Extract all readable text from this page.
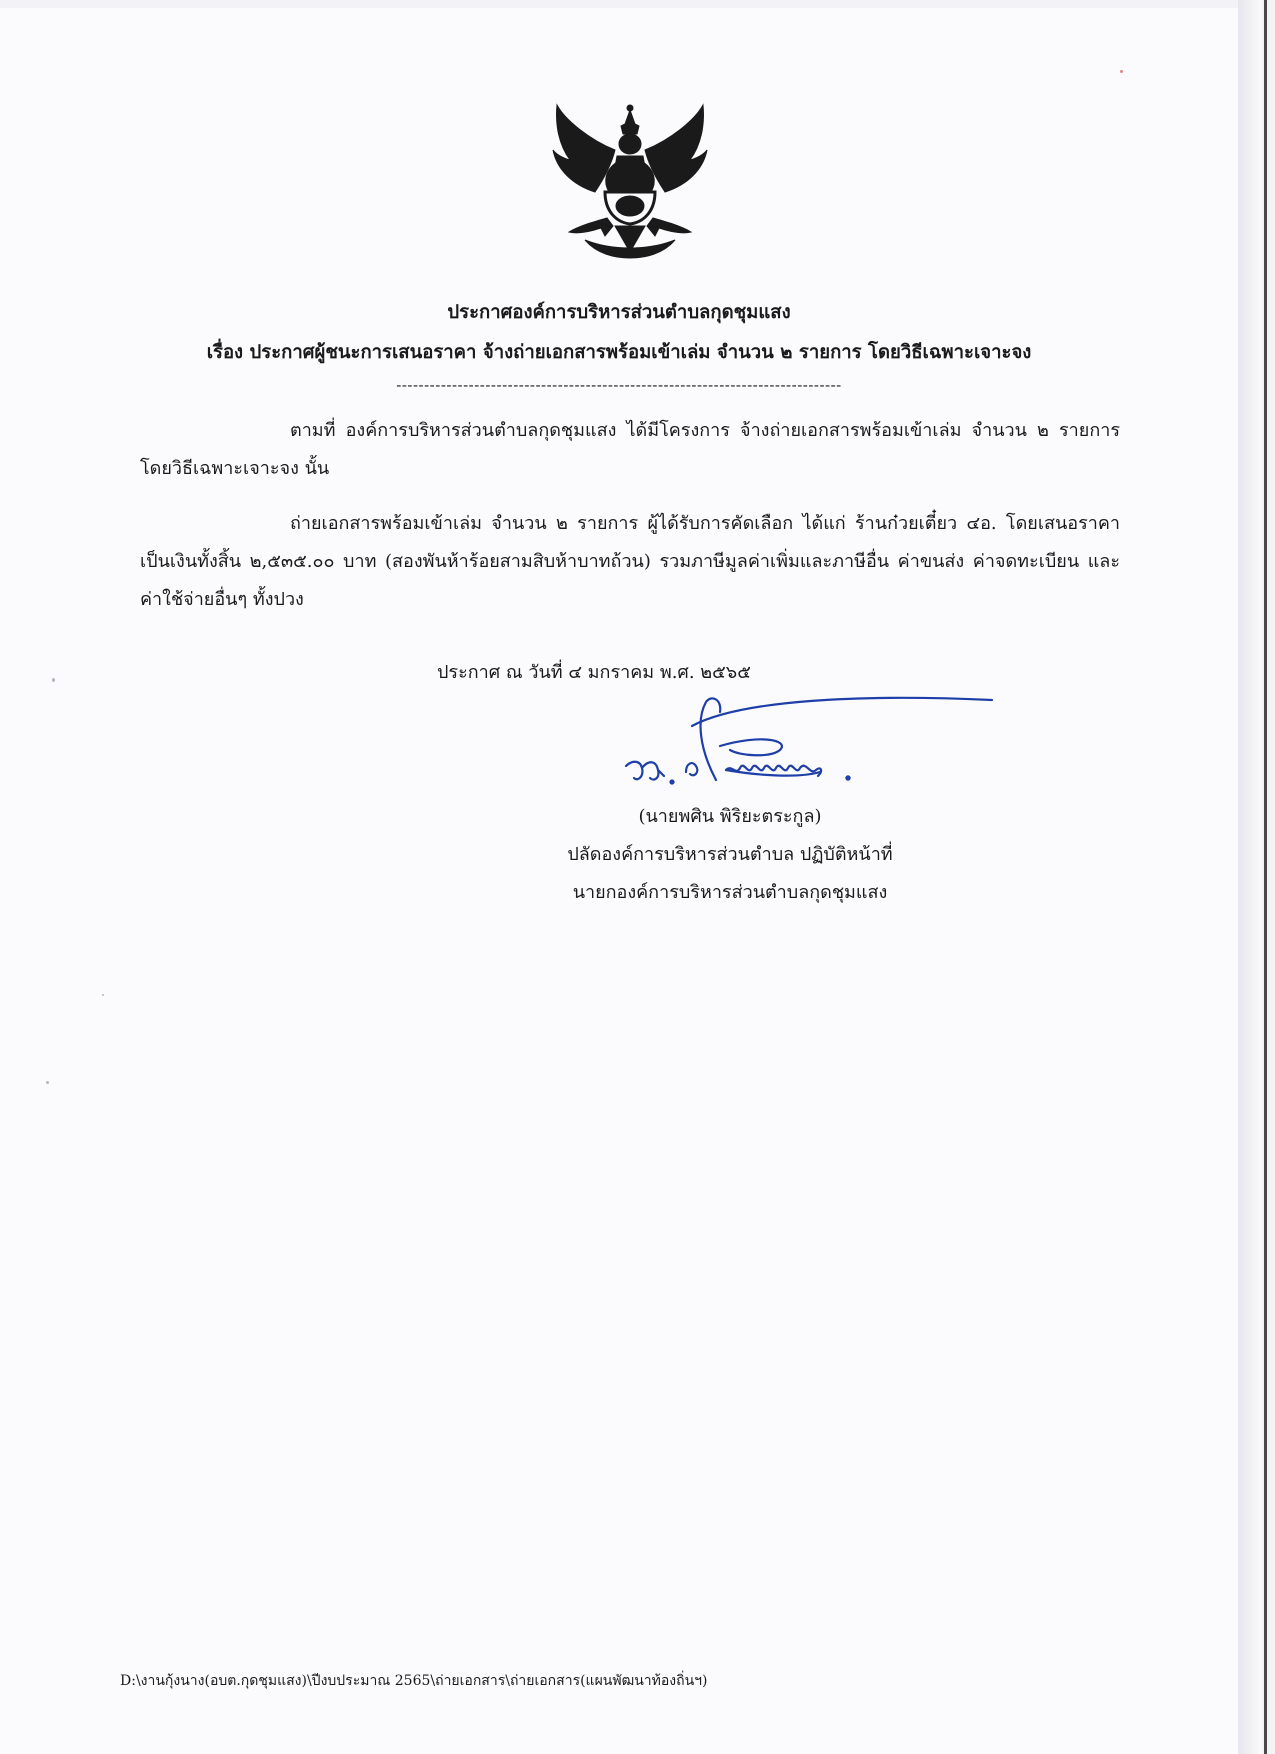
ประกาศองค์การบริหารส่วนตำบลกุดชุมแสง
เรื่อง ประกาศผู้ชนะการเสนอราคา จ้างถ่ายเอกสารพร้อมเข้าเล่ม จำนวน ๒ รายการ โดยวิธีเฉพาะเจาะจง
--------------------------------------------------------------------------------
ตามที่ องค์การบริหารส่วนตำบลกุดชุมแสง ได้มีโครงการ จ้างถ่ายเอกสารพร้อมเข้าเล่ม จำนวน ๒ รายการ โดยวิธีเฉพาะเจาะจง นั้น
ถ่ายเอกสารพร้อมเข้าเล่ม จำนวน ๒ รายการ ผู้ได้รับการคัดเลือก ได้แก่ ร้านก๋วยเตี๋ยว ๔อ. โดยเสนอราคา เป็นเงินทั้งสิ้น ๒,๕๓๕.๐๐ บาท (สองพันห้าร้อยสามสิบห้าบาทถ้วน) รวมภาษีมูลค่าเพิ่มและภาษีอื่น ค่าขนส่ง ค่าจดทะเบียน และค่าใช้จ่ายอื่นๆ ทั้งปวง
ประกาศ ณ วันที่ ๔ มกราคม พ.ศ. ๒๕๖๕
(นายพศิน พิริยะตระกูล)
ปลัดองค์การบริหารส่วนตำบล ปฏิบัติหน้าที่
นายกองค์การบริหารส่วนตำบลกุดชุมแสง
D:\งานกุ้งนาง(อบต.กุดชุมแสง)\ปีงบประมาณ 2565\ถ่ายเอกสาร\ถ่ายเอกสาร(แผนพัฒนาท้องถิ่นฯ)
